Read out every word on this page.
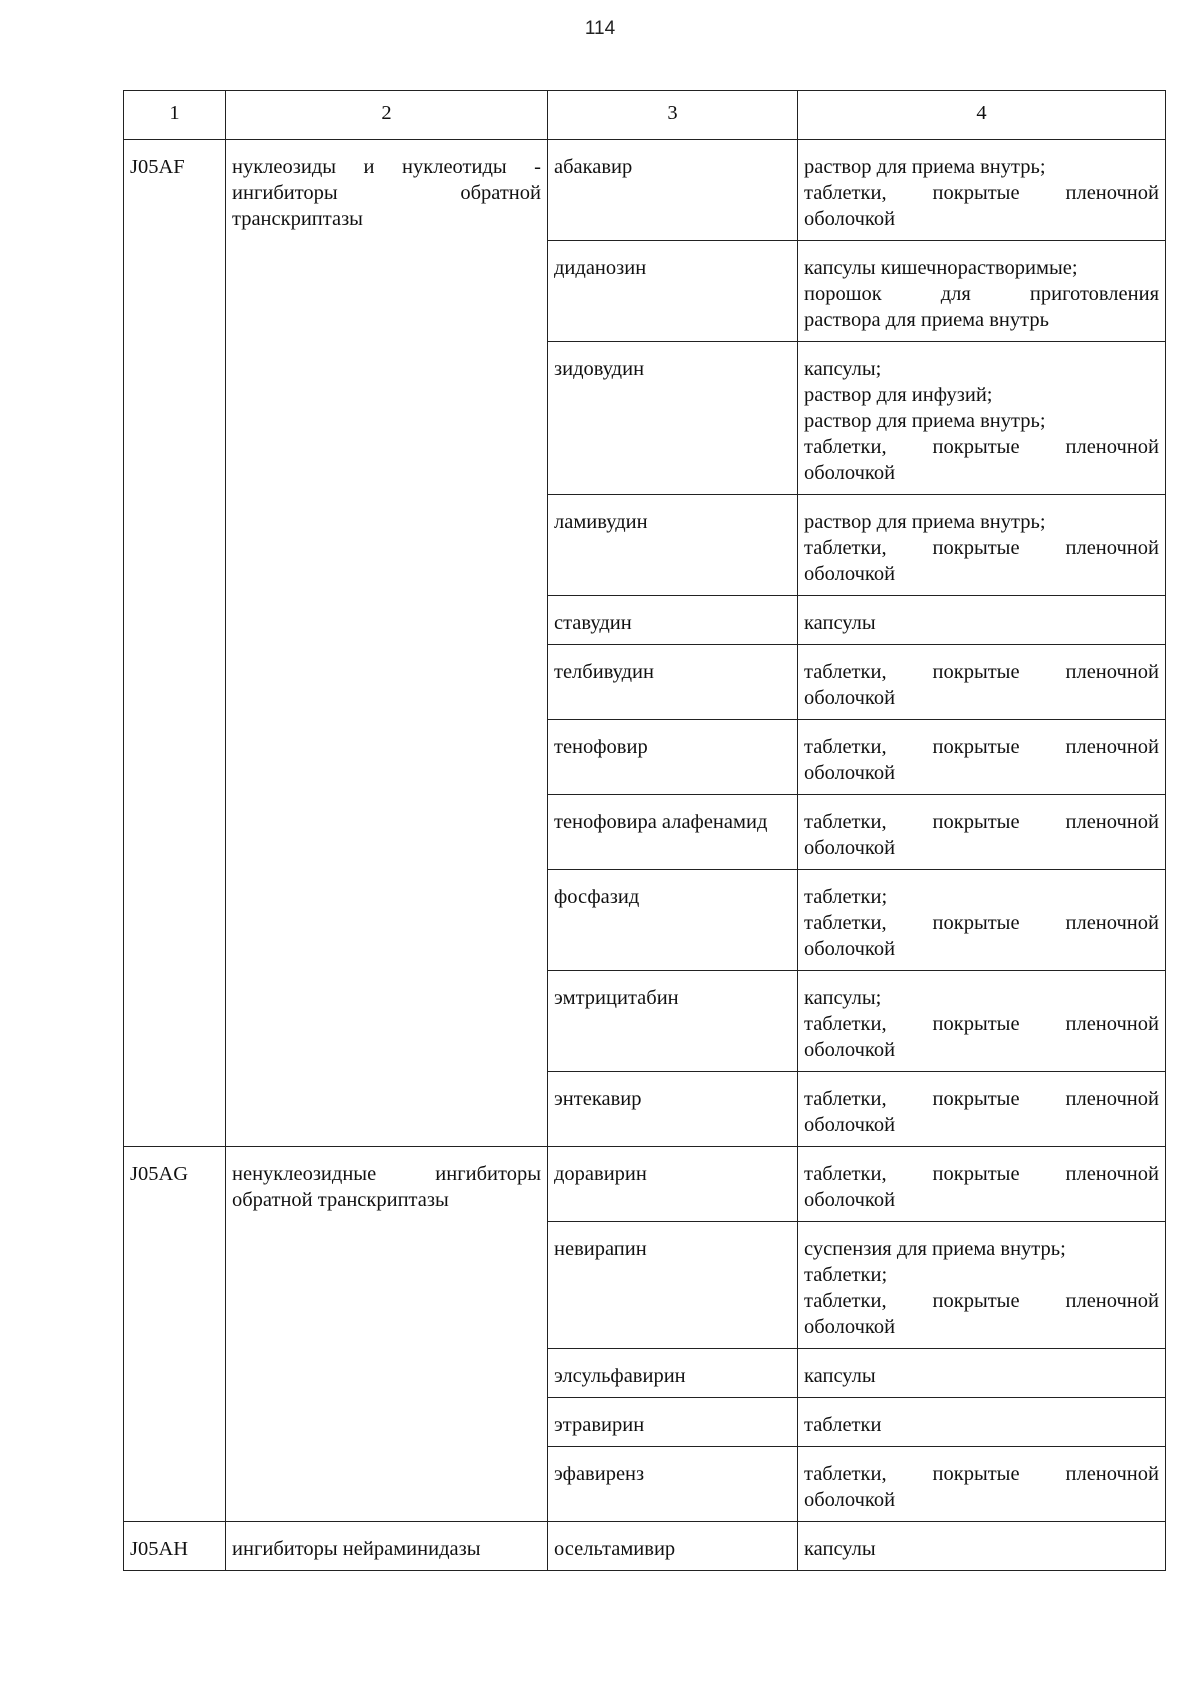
114
1	2	3	4
J05AF	нуклеозиды и нуклеотиды -
ингибиторы обратной
транскриптазы	абакавир	раствор для приема внутрь;
таблетки, покрытые пленочной
оболочкой

		диданозин	капсулы кишечнорастворимые;
порошок для приготовления
раствора для приема внутрь

		зидовудин	капсулы;
раствор для инфузий;
раствор для приема внутрь;
таблетки, покрытые пленочной
оболочкой

		ламивудин	раствор для приема внутрь;
таблетки, покрытые пленочной
оболочкой

		ставудин	капсулы

		телбивудин	таблетки, покрытые пленочной
оболочкой

		тенофовир	таблетки, покрытые пленочной
оболочкой

		тенофовира алафенамид	таблетки, покрытые пленочной
оболочкой

		фосфазид	таблетки;
таблетки, покрытые пленочной
оболочкой

		эмтрицитабин	капсулы;
таблетки, покрытые пленочной
оболочкой

		энтекавир	таблетки, покрытые пленочной
оболочкой

J05AG	ненуклеозидные ингибиторы
обратной транскриптазы	доравирин	таблетки, покрытые пленочной
оболочкой

		невирапин	суспензия для приема внутрь;
таблетки;
таблетки, покрытые пленочной
оболочкой

		элсульфавирин	капсулы

		этравирин	таблетки

		эфавиренз	таблетки, покрытые пленочной
оболочкой

J05AH	ингибиторы нейраминидазы	осельтамивир	капсулы
